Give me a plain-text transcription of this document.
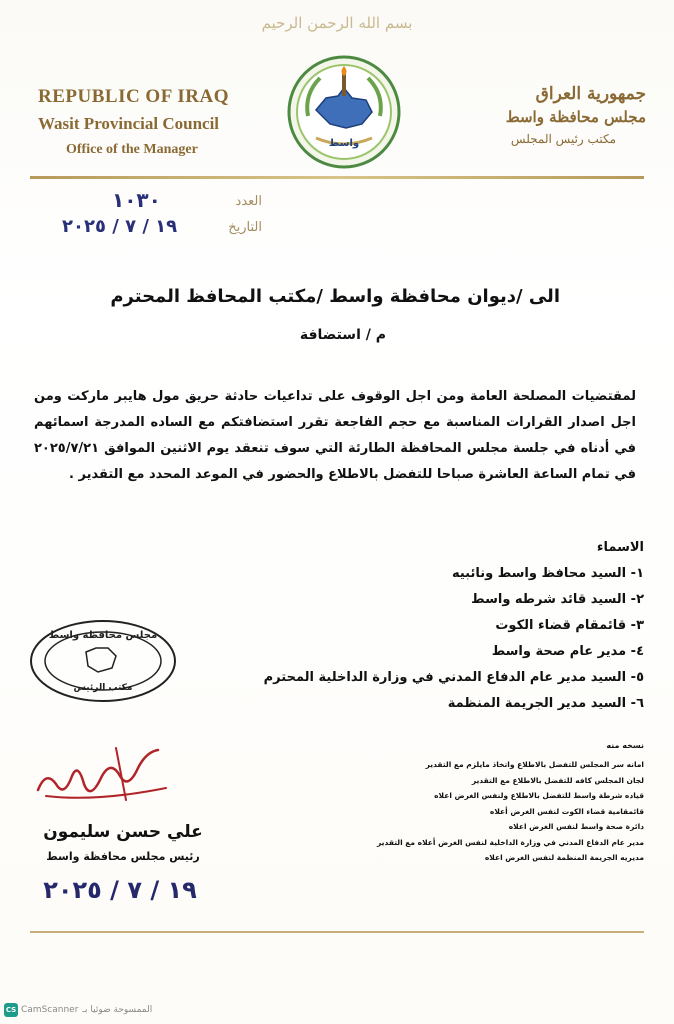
بسم الله الرحمن الرحيم
REPUBLIC OF IRAQ
Wasit Provincial Council
Office of the Manager	واسط
جمهورية العراق
مجلس محافظة واسط
مكتب رئيس المجلس
العدد
١٠٣٠
التاريخ
١٩ / ٧ / ٢٠٢٥
الى /ديوان محافظة واسط /مكتب المحافظ المحترم
م / استضافة
لمقتضيات المصلحة العامة ومن اجل الوقوف على تداعيات حادثة حريق مول هايبر ماركت ومن اجل اصدار القرارات المناسبة مع حجم الفاجعة تقرر استضافتكم مع الساده المدرجة اسمائهم في أدناه في جلسة مجلس المحافظة الطارئة التي سوف تنعقد يوم الاثنين الموافق ٢٠٢٥/٧/٢١ في تمام الساعة العاشرة صباحا للتفضل بالاطلاع والحضور في الموعد المحدد مع التقدير .
الاسماء
١- السيد محافظ واسط ونائبيه
٢- السيد قائد شرطه واسط
٣- قائمقام قضاء الكوت
٤- مدير عام صحة واسط
٥- السيد مدير عام الدفاع المدني في وزارة الداخلية المحترم
٦- السيد مدير الجريمة المنظمة
مجلس محافظة واسط
مكتب الرئيس
علي حسن سليمون
رئيس مجلس محافظة واسط
١٩ / ٧ / ٢٠٢٥
نسخه منه
امانه سر المجلس للتفضل بالاطلاع واتخاذ مايلزم مع التقدير
لجان المجلس كافه للتفضل بالاطلاع مع التقدير
قياده شرطة واسط للتفضل بالاطلاع ولنفس الغرض اعلاه
قائمقامية قضاء الكوت لنفس الغرض أعلاه
دائرة صحة واسط لنفس الغرض اعلاه
مدير عام الدفاع المدني في وزارة الداخلية لنفس الغرض أعلاه مع التقدير
مديريه الجريمة المنظمة لنفس الغرض اعلاه
CS CamScanner الممسوحة ضوئيا بـ
